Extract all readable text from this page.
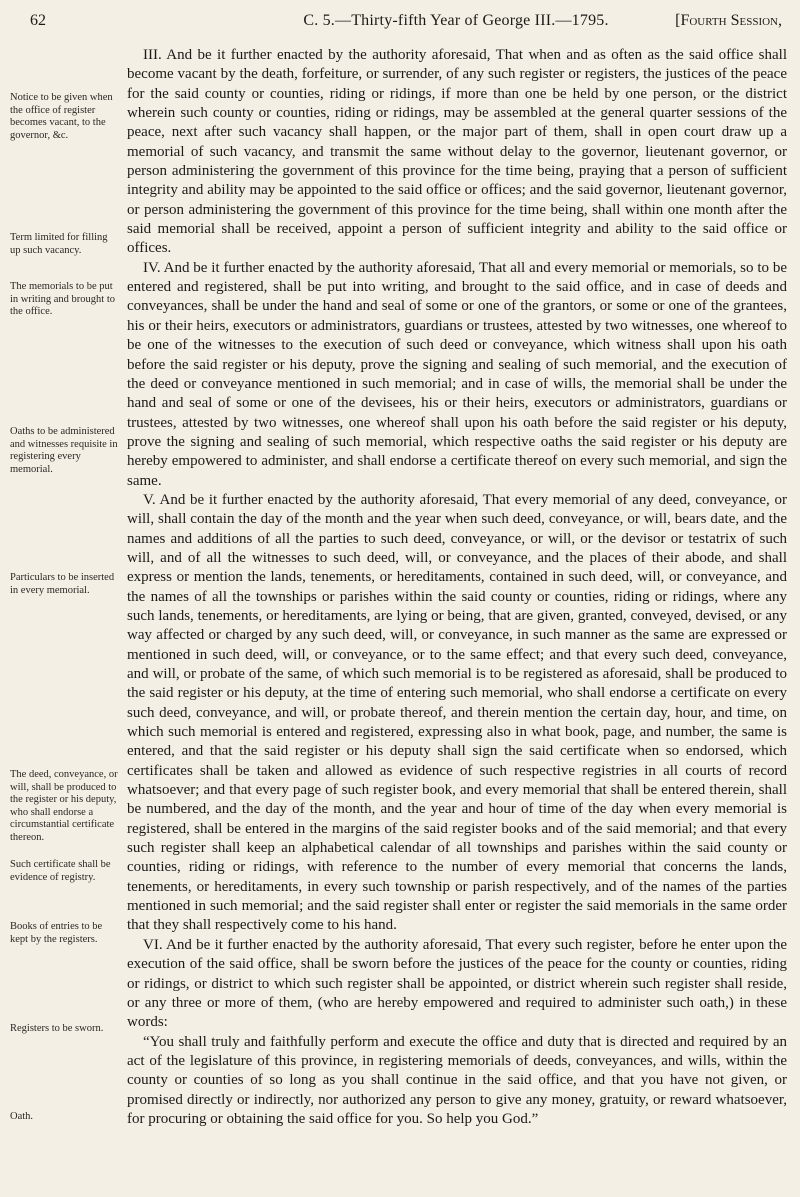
62	C. 5.—Thirty-fifth Year of George III.—1795.	[Fourth Session,
Notice to be given when the office of register becomes vacant, to the governor, &c.
Term limited for filling up such vacancy.
The memorials to be put in writing and brought to the office.
Oaths to be administered and witnesses requisite in registering every memorial.
Particulars to be inserted in every memorial.
The deed, conveyance, or will, shall be produced to the register or his deputy, who shall endorse a circumstantial certificate thereon.
Such certificate shall be evidence of registry.
Books of entries to be kept by the registers.
Registers to be sworn.
Oath.

III. And be it further enacted by the authority aforesaid, That when and as often as the said office shall become vacant by the death, forfeiture, or surrender, of any such register or registers, the justices of the peace for the said county or counties, riding or ridings, if more than one be held by one person, or the district wherein such county or counties, riding or ridings, may be assembled at the general quarter sessions of the peace, next after such vacancy shall happen, or the major part of them, shall in open court draw up a memorial of such vacancy, and transmit the same without delay to the governor, lieutenant governor, or person administering the government of this province for the time being, praying that a person of sufficient integrity and ability may be appointed to the said office or offices; and the said governor, lieutenant governor, or person administering the government of this province for the time being, shall within one month after the said memorial shall be received, appoint a person of sufficient integrity and ability to the said office or offices.

IV. And be it further enacted by the authority aforesaid, That all and every memorial or memorials, so to be entered and registered, shall be put into writing, and brought to the said office, and in case of deeds and conveyances, shall be under the hand and seal of some or one of the grantors, or some or one of the grantees, his or their heirs, executors or administrators, guardians or trustees, attested by two witnesses, one whereof to be one of the witnesses to the execution of such deed or conveyance, which witness shall upon his oath before the said register or his deputy, prove the signing and sealing of such memorial, and the execution of the deed or conveyance mentioned in such memorial; and in case of wills, the memorial shall be under the hand and seal of some or one of the devisees, his or their heirs, executors or administrators, guardians or trustees, attested by two witnesses, one whereof shall upon his oath before the said register or his deputy, prove the signing and sealing of such memorial, which respective oaths the said register or his deputy are hereby empowered to administer, and shall endorse a certificate thereof on every such memorial, and sign the same.

V. And be it further enacted by the authority aforesaid, That every memorial of any deed, conveyance, or will, shall contain the day of the month and the year when such deed, conveyance, or will, bears date, and the names and additions of all the parties to such deed, conveyance, or will, or the devisor or testatrix of such will, and of all the witnesses to such deed, will, or conveyance, and the places of their abode, and shall express or mention the lands, tenements, or hereditaments, contained in such deed, will, or conveyance, and the names of all the townships or parishes within the said county or counties, riding or ridings, where any such lands, tenements, or hereditaments, are lying or being, that are given, granted, conveyed, devised, or any way affected or charged by any such deed, will, or conveyance, in such manner as the same are expressed or mentioned in such deed, will, or conveyance, or to the same effect; and that every such deed, conveyance, and will, or probate of the same, of which such memorial is to be registered as aforesaid, shall be produced to the said register or his deputy, at the time of entering such memorial, who shall endorse a certificate on every such deed, conveyance, and will, or probate thereof, and therein mention the certain day, hour, and time, on which such memorial is entered and registered, expressing also in what book, page, and number, the same is entered, and that the said register or his deputy shall sign the said certificate when so endorsed, which certificates shall be taken and allowed as evidence of such respective registries in all courts of record whatsoever; and that every page of such register book, and every memorial that shall be entered therein, shall be numbered, and the day of the month, and the year and hour of time of the day when every memorial is registered, shall be entered in the margins of the said register books and of the said memorial; and that every such register shall keep an alphabetical calendar of all townships and parishes within the said county or counties, riding or ridings, with reference to the number of every memorial that concerns the lands, tenements, or hereditaments, in every such township or parish respectively, and of the names of the parties mentioned in such memorial; and the said register shall enter or register the said memorials in the same order that they shall respectively come to his hand.

VI. And be it further enacted by the authority aforesaid, That every such register, before he enter upon the execution of the said office, shall be sworn before the justices of the peace for the county or counties, riding or ridings, or district to which such register shall be appointed, or district wherein such register shall reside, or any three or more of them, (who are hereby empowered and required to administer such oath,) in these words:

“You shall truly and faithfully perform and execute the office and duty that is directed and required by an act of the legislature of this province, in registering memorials of deeds, conveyances, and wills, within the county or counties of so long as you shall continue in the said office, and that you have not given, or promised directly or indirectly, nor authorized any person to give any money, gratuity, or reward whatsoever, for procuring or obtaining the said office for you. So help you God.”
